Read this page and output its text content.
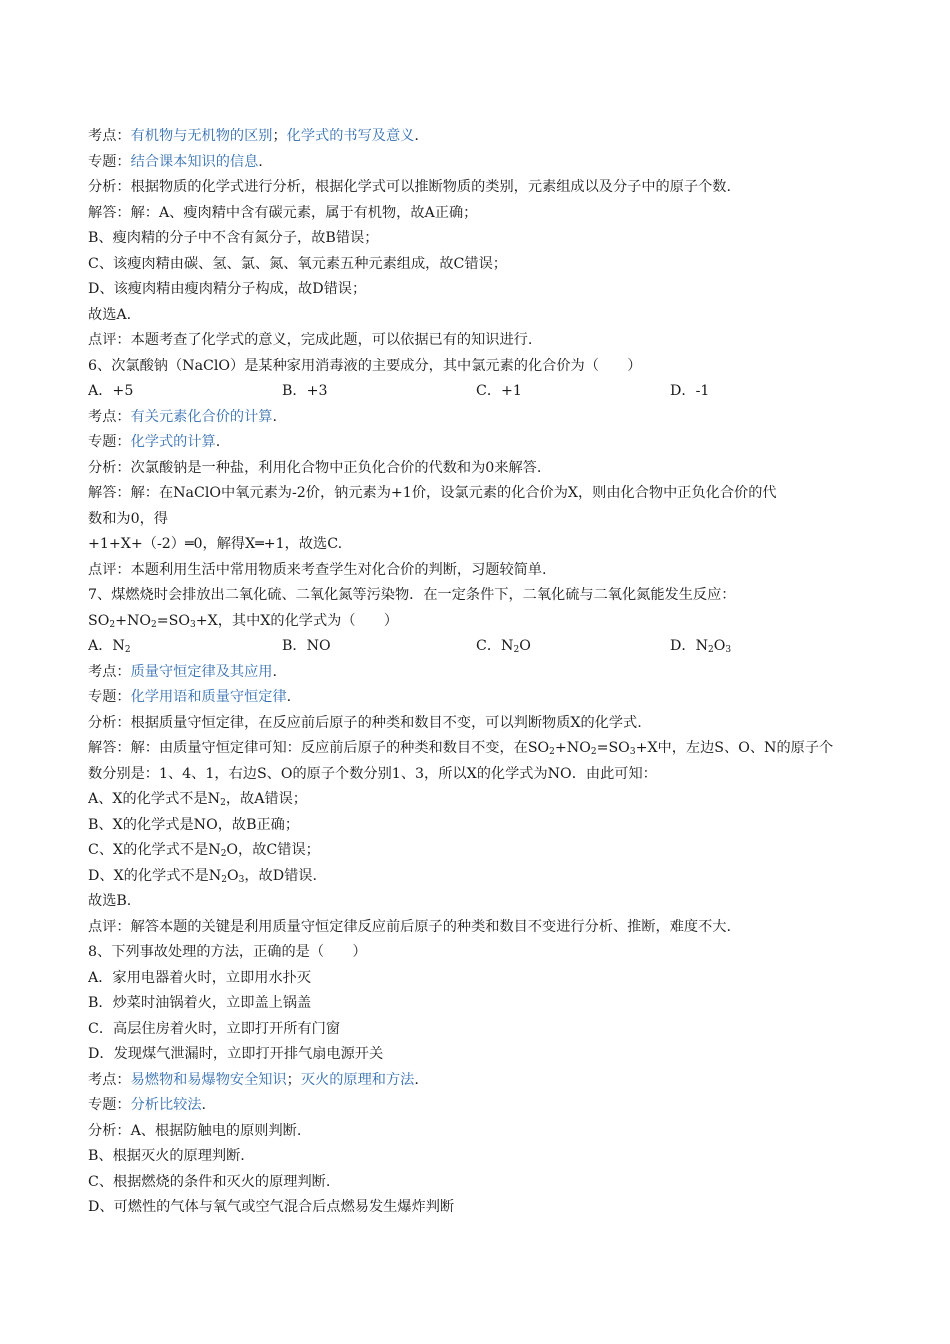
考点：有机物与无机物的区别；化学式的书写及意义.
专题：结合课本知识的信息.
分析：根据物质的化学式进行分析，根据化学式可以推断物质的类别，元素组成以及分子中的原子个数.
解答：解：A、瘦肉精中含有碳元素，属于有机物，故A正确；
B、瘦肉精的分子中不含有氮分子，故B错误；
C、该瘦肉精由碳、氢、氯、氮、氧元素五种元素组成，故C错误；
D、该瘦肉精由瘦肉精分子构成，故D错误；
故选A.
点评：本题考查了化学式的意义，完成此题，可以依据已有的知识进行.
6、次氯酸钠（NaClO）是某种家用消毒液的主要成分，其中氯元素的化合价为（　　）
A．+5	B．+3	C．+1	D．-1
考点：有关元素化合价的计算.
专题：化学式的计算.
分析：次氯酸钠是一种盐，利用化合物中正负化合价的代数和为0来解答.
解答：解：在NaClO中氧元素为-2价，钠元素为+1价，设氯元素的化合价为X，则由化合物中正负化合价的代
数和为0，得
+1+X+（-2）═0，解得X═+1，故选C.
点评：本题利用生活中常用物质来考查学生对化合价的判断，习题较简单.
7、煤燃烧时会排放出二氧化硫、二氧化氮等污染物．在一定条件下，二氧化硫与二氧化氮能发生反应：
$SO_2+NO_2=SO_3+X$，其中X的化学式为（　　）
A．$N_2$	B．NO	C．$N_2O$	D．$N_2O_3$
考点：质量守恒定律及其应用.
专题：化学用语和质量守恒定律.
分析：根据质量守恒定律，在反应前后原子的种类和数目不变，可以判断物质X的化学式.
解答：解：由质量守恒定律可知：反应前后原子的种类和数目不变，在$SO_2+NO_2=SO_3+X$中，左边S、O、N的原子个
数分别是：1、4、1，右边S、O的原子个数分别1、3，所以X的化学式为NO．由此可知：
A、X的化学式不是$N_2$，故A错误；
B、X的化学式是NO，故B正确；
C、X的化学式不是$N_2O$，故C错误；
D、X的化学式不是$N_2O_3$，故D错误.
故选B.
点评：解答本题的关键是利用质量守恒定律反应前后原子的种类和数目不变进行分析、推断，难度不大.
8、下列事故处理的方法，正确的是（　　）
A．家用电器着火时，立即用水扑灭
B．炒菜时油锅着火，立即盖上锅盖
C．高层住房着火时，立即打开所有门窗
D．发现煤气泄漏时，立即打开排气扇电源开关
考点：易燃物和易爆物安全知识；灭火的原理和方法.
专题：分析比较法.
分析：A、根据防触电的原则判断.
B、根据灭火的原理判断.
C、根据燃烧的条件和灭火的原理判断.
D、可燃性的气体与氧气或空气混合后点燃易发生爆炸判断
